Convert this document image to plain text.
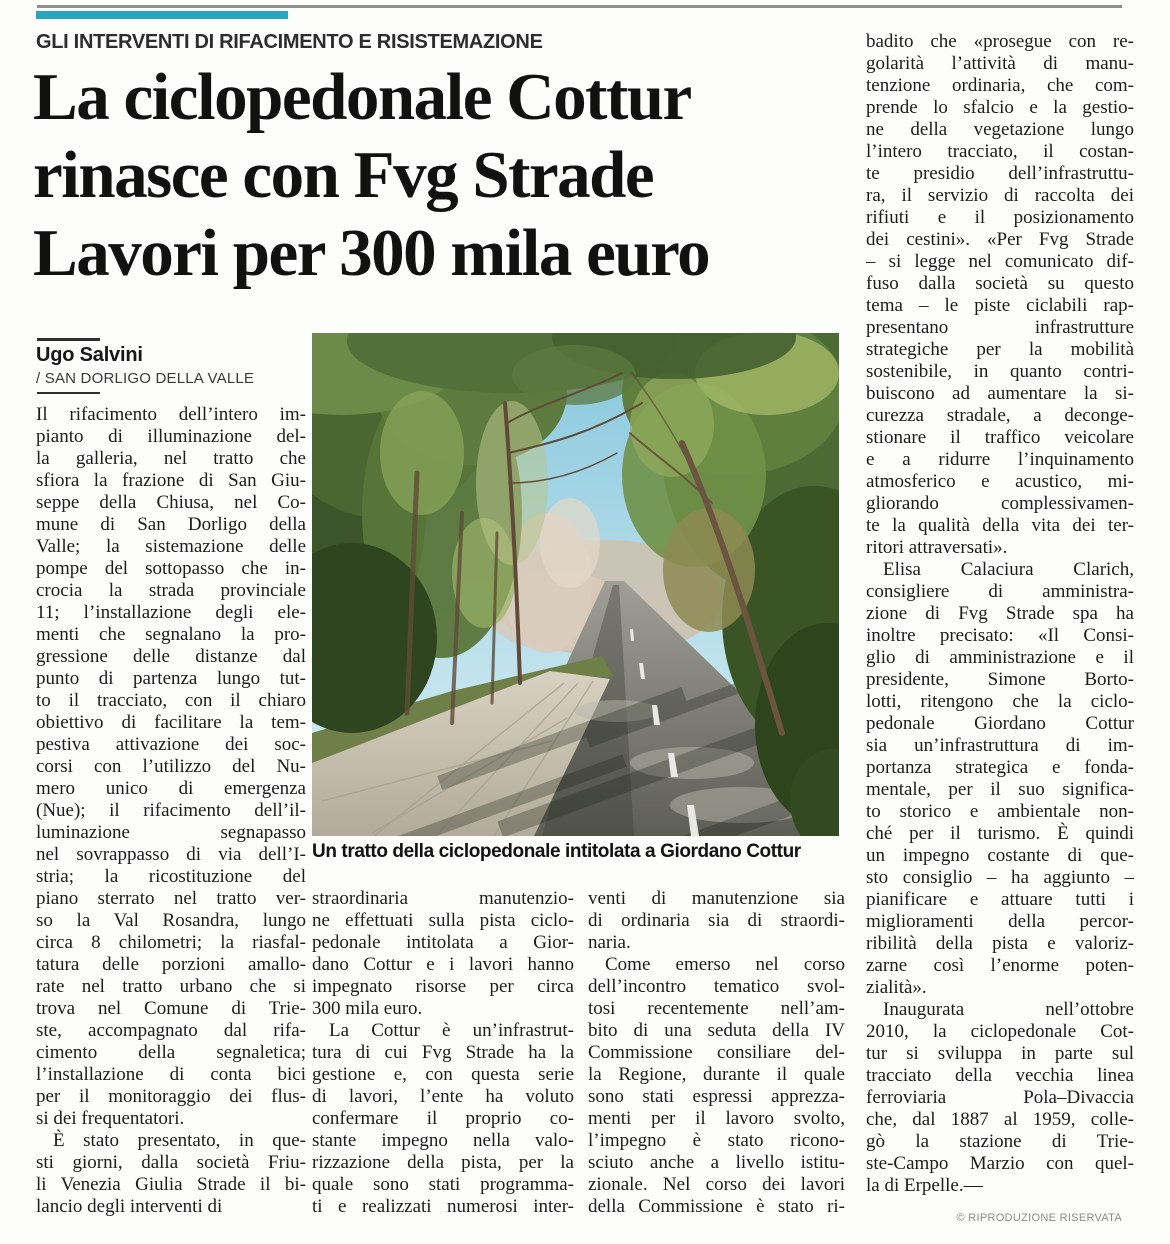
GLI INTERVENTI DI RIFACIMENTO E RISISTEMAZIONE
La ciclopedonale Cottur
rinasce con Fvg Strade
Lavori per 300 mila euro
Ugo Salvini
/ SAN DORLIGO DELLA VALLE
Il rifacimento dell’intero im-
pianto di illuminazione del-
la galleria, nel tratto che
sfiora la frazione di San Giu-
seppe della Chiusa, nel Co-
mune di San Dorligo della
Valle; la sistemazione delle
pompe del sottopasso che in-
crocia la strada provinciale
11; l’installazione degli ele-
menti che segnalano la pro-
gressione delle distanze dal
punto di partenza lungo tut-
to il tracciato, con il chiaro
obiettivo di facilitare la tem-
pestiva attivazione dei soc-
corsi con l’utilizzo del Nu-
mero unico di emergenza
(Nue); il rifacimento dell’il-
luminazione segnapasso
nel sovrappasso di via dell’I-
stria; la ricostituzione del
piano sterrato nel tratto ver-
so la Val Rosandra, lungo
circa 8 chilometri; la riasfal-
tatura delle porzioni amallo-
rate nel tratto urbano che si
trova nel Comune di Trie-
ste, accompagnato dal rifa-
cimento della segnaletica;
l’installazione di conta bici
per il monitoraggio dei flus-
si dei frequentatori.
È stato presentato, in que-
sti giorni, dalla società Friu-
li Venezia Giulia Strade il bi-
lancio degli interventi di
Un tratto della ciclopedonale intitolata a Giordano Cottur
straordinaria manutenzio-
ne effettuati sulla pista ciclo-
pedonale intitolata a Gior-
dano Cottur e i lavori hanno
impegnato risorse per circa
300 mila euro.
La Cottur è un’infrastrut-
tura di cui Fvg Strade ha la
gestione e, con questa serie
di lavori, l’ente ha voluto
confermare il proprio co-
stante impegno nella valo-
rizzazione della pista, per la
quale sono stati programma-
ti e realizzati numerosi inter-
venti di manutenzione sia
di ordinaria sia di straordi-
naria.
Come emerso nel corso
dell’incontro tematico svol-
tosi recentemente nell’am-
bito di una seduta della IV
Commissione consiliare del-
la Regione, durante il quale
sono stati espressi apprezza-
menti per il lavoro svolto,
l’impegno è stato ricono-
sciuto anche a livello istitu-
zionale. Nel corso dei lavori
della Commissione è stato ri-
badito che «prosegue con re-
golarità l’attività di manu-
tenzione ordinaria, che com-
prende lo sfalcio e la gestio-
ne della vegetazione lungo
l’intero tracciato, il costan-
te presidio dell’infrastruttu-
ra, il servizio di raccolta dei
rifiuti e il posizionamento
dei cestini». «Per Fvg Strade
– si legge nel comunicato dif-
fuso dalla società su questo
tema – le piste ciclabili rap-
presentano infrastrutture
strategiche per la mobilità
sostenibile, in quanto contri-
buiscono ad aumentare la si-
curezza stradale, a deconge-
stionare il traffico veicolare
e a ridurre l’inquinamento
atmosferico e acustico, mi-
gliorando complessivamen-
te la qualità della vita dei ter-
ritori attraversati».
Elisa Calaciura Clarich,
consigliere di amministra-
zione di Fvg Strade spa ha
inoltre precisato: «Il Consi-
glio di amministrazione e il
presidente, Simone Borto-
lotti, ritengono che la ciclo-
pedonale Giordano Cottur
sia un’infrastruttura di im-
portanza strategica e fonda-
mentale, per il suo significa-
to storico e ambientale non-
ché per il turismo. È quindi
un impegno costante di que-
sto consiglio – ha aggiunto –
pianificare e attuare tutti i
miglioramenti della percor-
ribilità della pista e valoriz-
zarne così l’enorme poten-
zialità».
Inaugurata nell’ottobre
2010, la ciclopedonale Cot-
tur si sviluppa in parte sul
tracciato della vecchia linea
ferroviaria Pola–Divaccia
che, dal 1887 al 1959, colle-
gò la stazione di Trie-
ste-Campo Marzio con quel-
la di Erpelle.—
© RIPRODUZIONE RISERVATA
